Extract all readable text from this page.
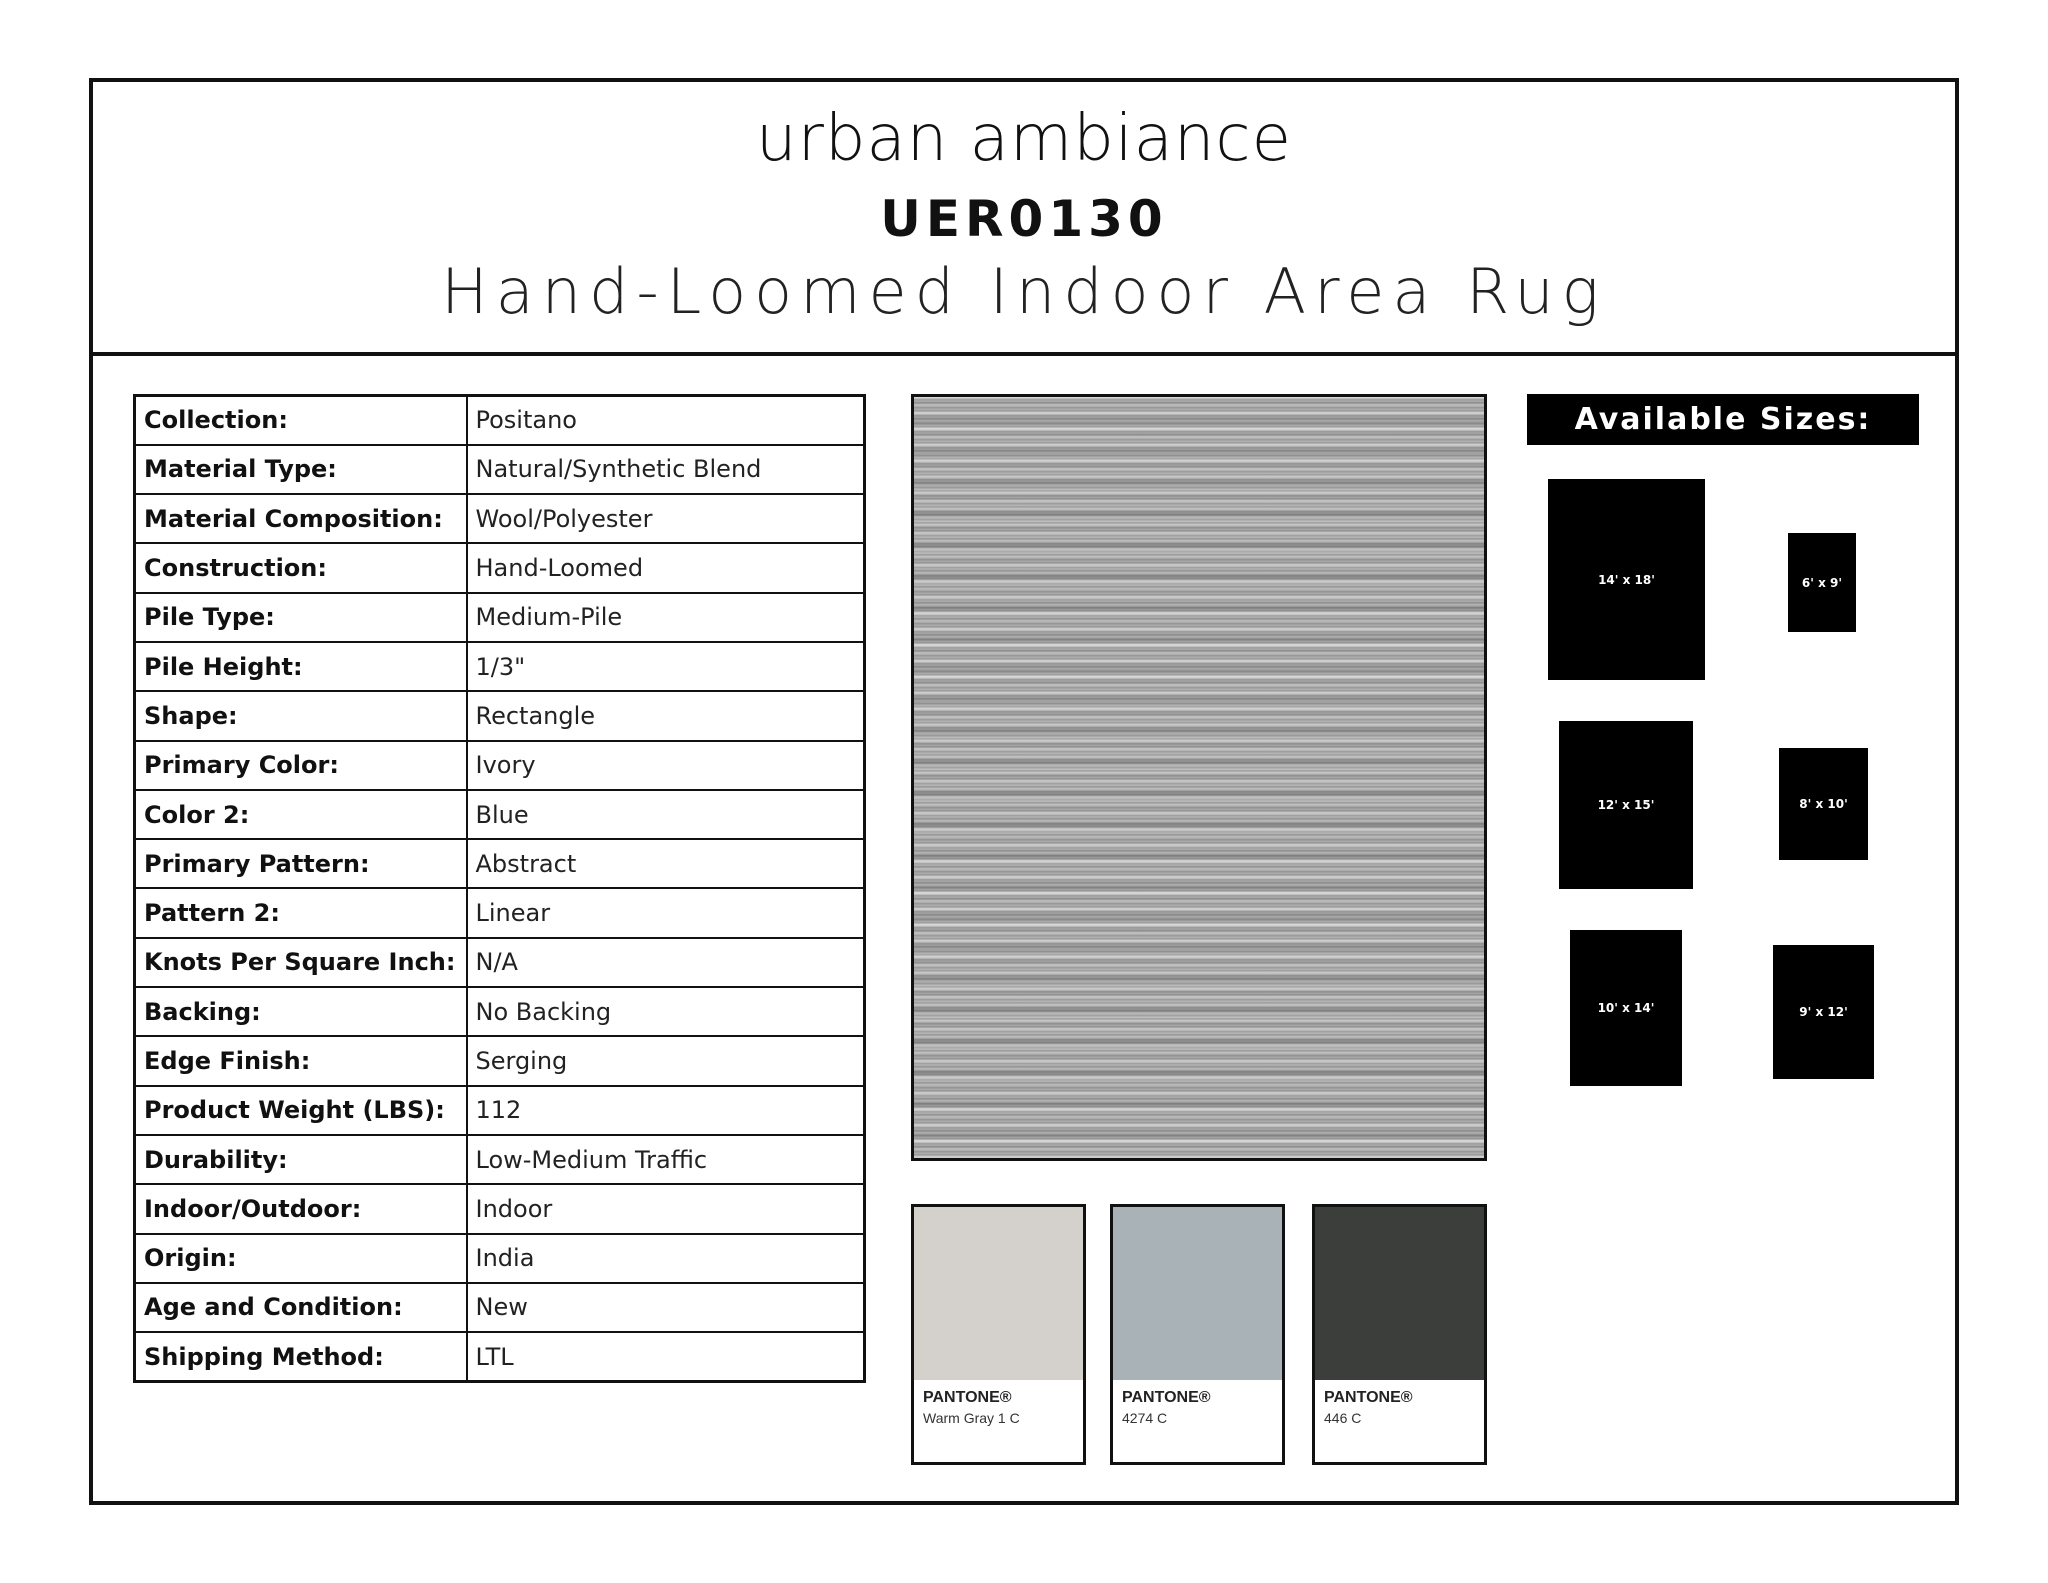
urban ambiance
UER0130
Hand-Loomed Indoor Area Rug
Collection:	Positano
Material Type:	Natural/Synthetic Blend
Material Composition:	Wool/Polyester
Construction:	Hand-Loomed
Pile Type:	Medium-Pile
Pile Height:	1/3"
Shape:	Rectangle
Primary Color:	Ivory
Color 2:	Blue
Primary Pattern:	Abstract
Pattern 2:	Linear
Knots Per Square Inch:	N/A
Backing:	No Backing
Edge Finish:	Serging
Product Weight (LBS):	112
Durability:	Low-Medium Traffic
Indoor/Outdoor:	Indoor
Origin:	India
Age and Condition:	New
Shipping Method:	LTL
PANTONE®
Warm Gray 1 C
PANTONE®
4274 C
PANTONE®
446 C
Available Sizes:
14' x 18'	6' x 9'
12' x 15'	8' x 10'
10' x 14'	9' x 12'
